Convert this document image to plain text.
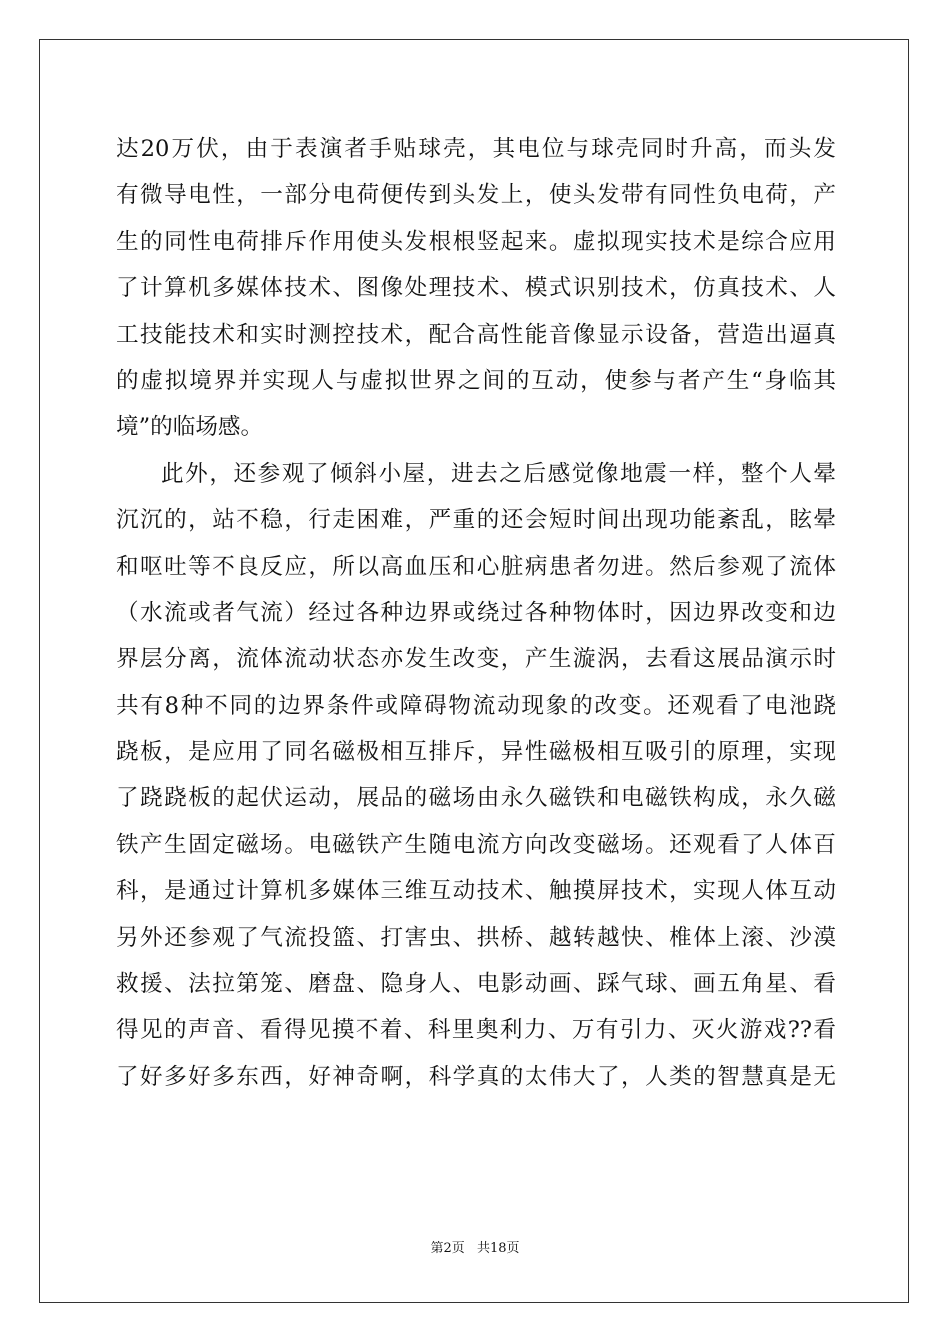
达20万伏，由于表演者手贴球壳，其电位与球壳同时升高，而头发
有微导电性，一部分电荷便传到头发上，使头发带有同性负电荷，产
生的同性电荷排斥作用使头发根根竖起来。虚拟现实技术是综合应用
了计算机多媒体技术、图像处理技术、模式识别技术，仿真技术、人
工技能技术和实时测控技术，配合高性能音像显示设备，营造出逼真
的虚拟境界并实现人与虚拟世界之间的互动，使参与者产生“身临其
境”的临场感。
此外，还参观了倾斜小屋，进去之后感觉像地震一样，整个人晕
沉沉的，站不稳，行走困难，严重的还会短时间出现功能紊乱，眩晕
和呕吐等不良反应，所以高血压和心脏病患者勿进。然后参观了流体
（水流或者气流）经过各种边界或绕过各种物体时，因边界改变和边
界层分离，流体流动状态亦发生改变，产生漩涡，去看这展品演示时
共有8种不同的边界条件或障碍物流动现象的改变。还观看了电池跷
跷板，是应用了同名磁极相互排斥，异性磁极相互吸引的原理，实现
了跷跷板的起伏运动，展品的磁场由永久磁铁和电磁铁构成，永久磁
铁产生固定磁场。电磁铁产生随电流方向改变磁场。还观看了人体百
科，是通过计算机多媒体三维互动技术、触摸屏技术，实现人体互动
另外还参观了气流投篮、打害虫、拱桥、越转越快、椎体上滚、沙漠
救援、法拉第笼、磨盘、隐身人、电影动画、踩气球、画五角星、看
得见的声音、看得见摸不着、科里奥利力、万有引力、灭火游戏??看
了好多好多东西，好神奇啊，科学真的太伟大了，人类的智慧真是无
第2页 共18页
